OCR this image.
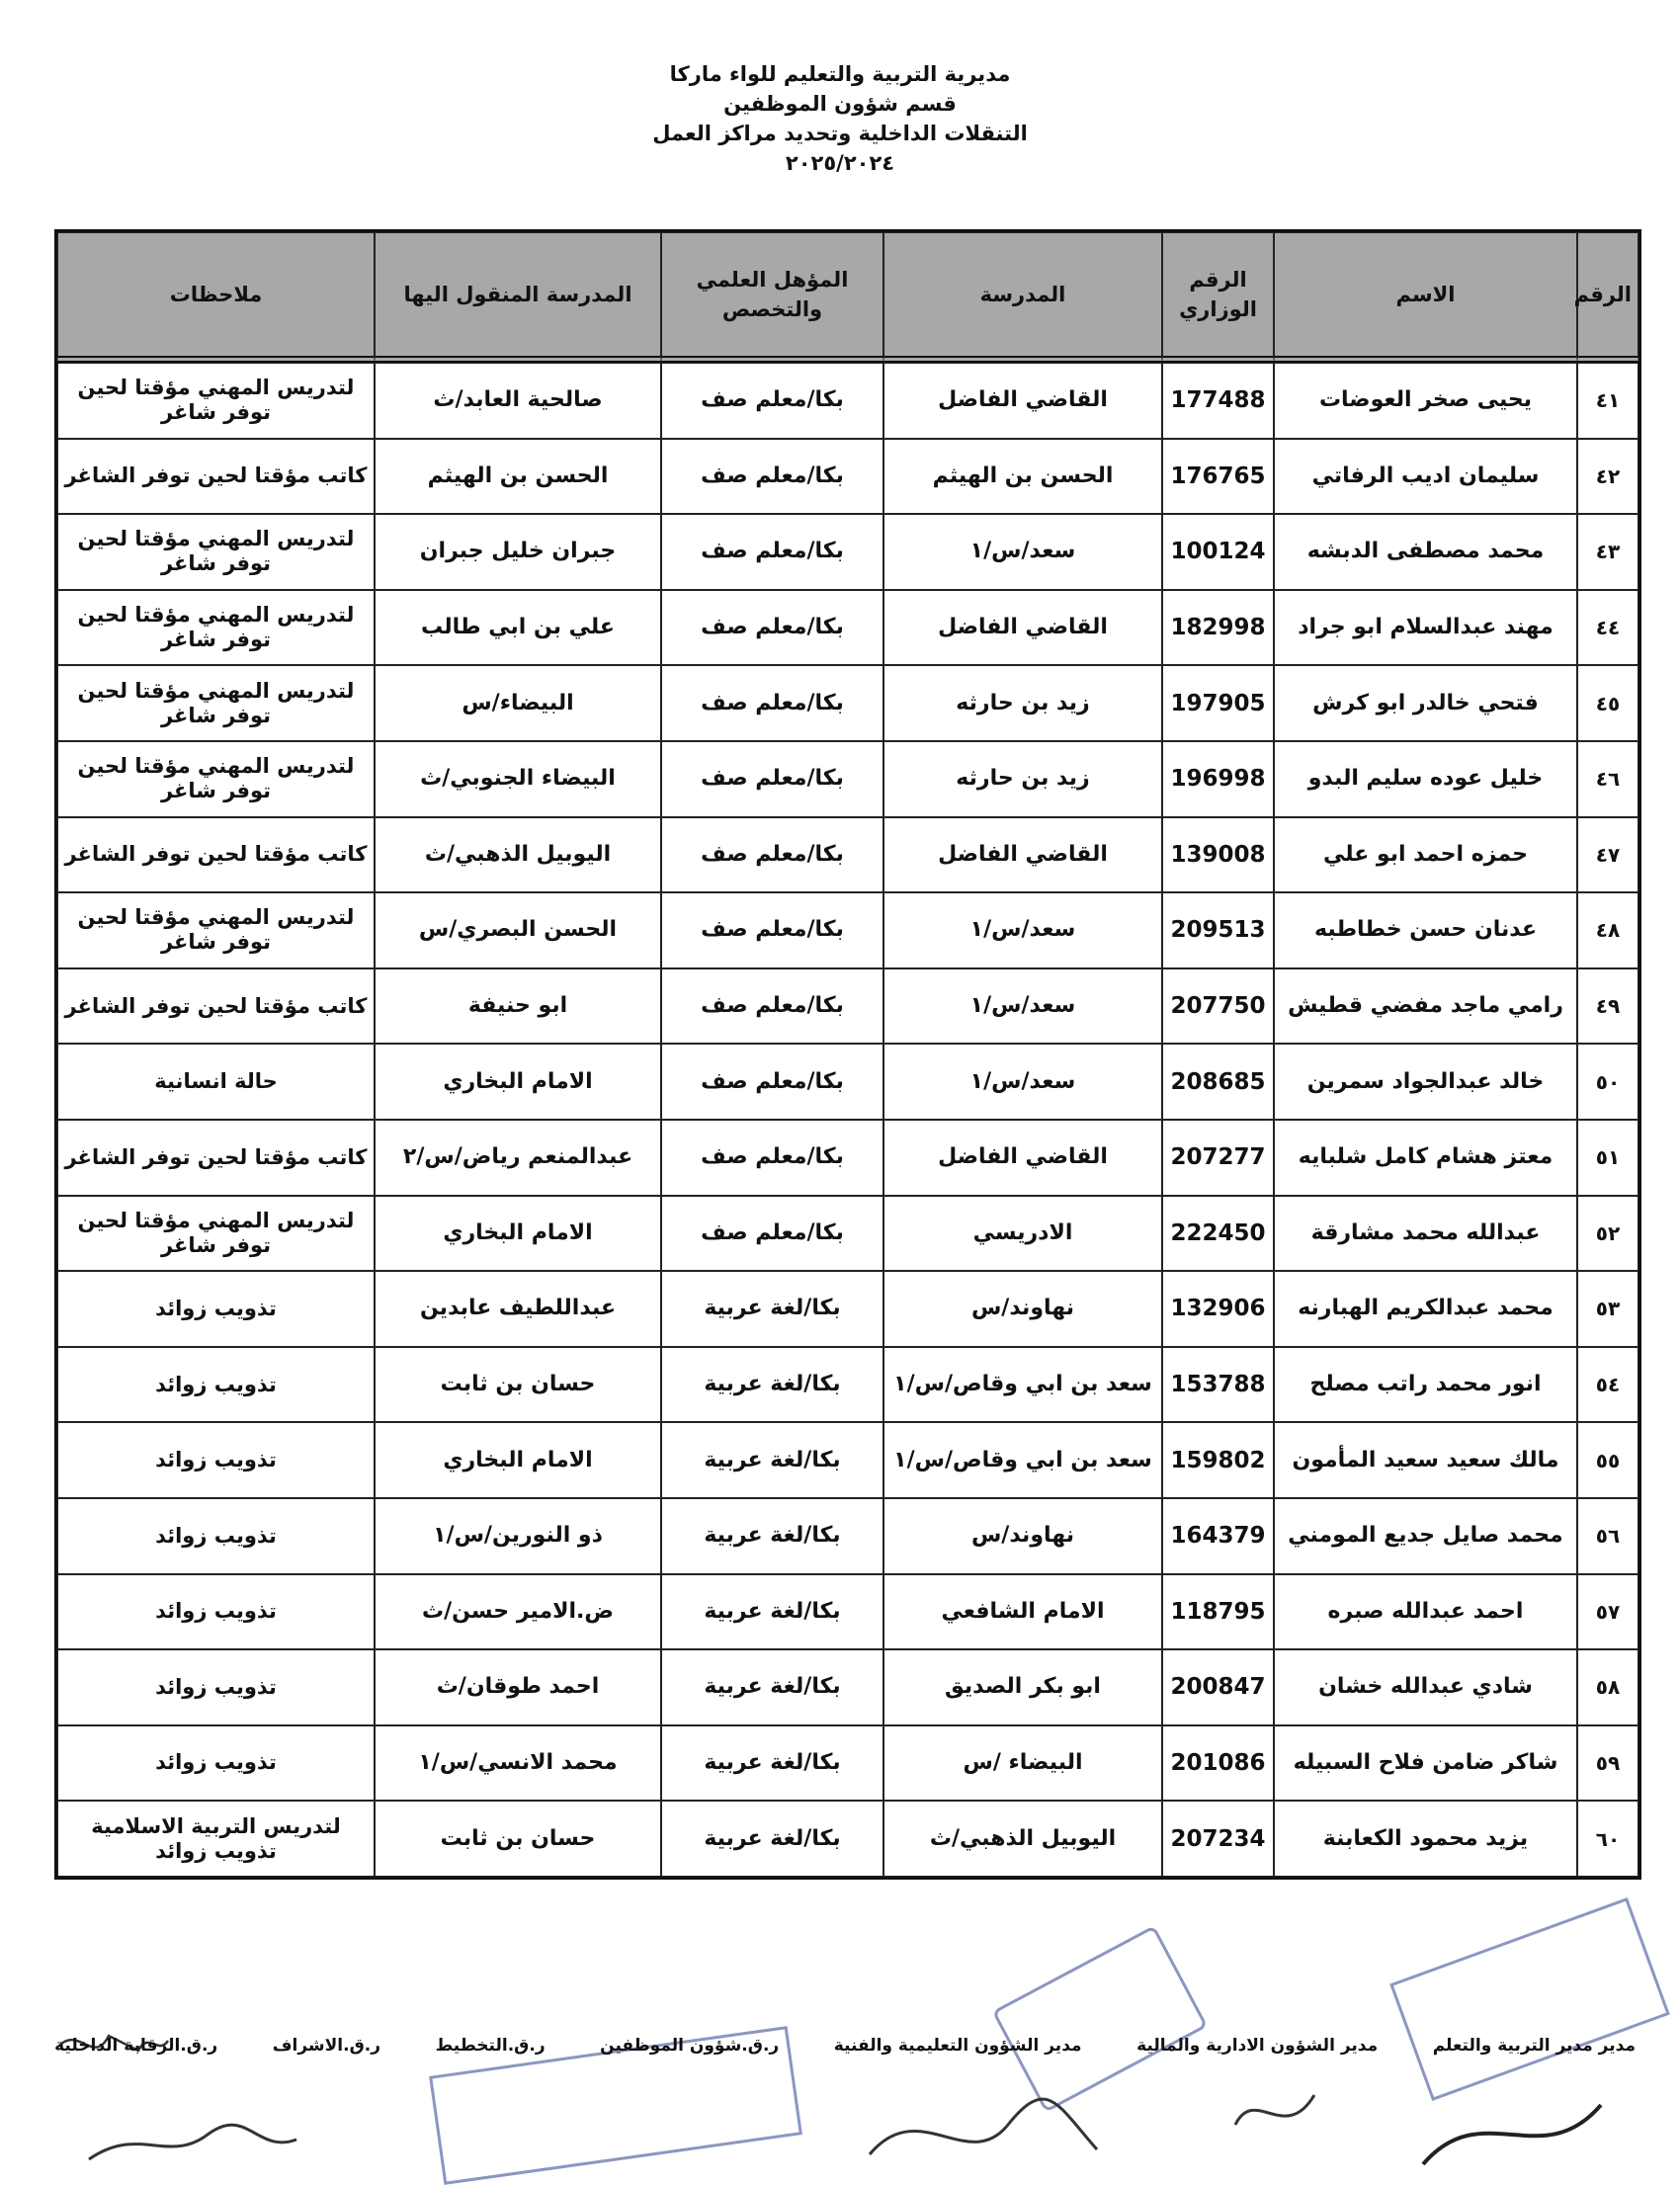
مديرية التربية والتعليم للواء ماركا
قسم شؤون الموظفين
التنقلات الداخلية وتحديد مراكز العمل
٢٠٢٥/٢٠٢٤
الرقم	الاسم	الرقم الوزاري	المدرسة	المؤهل العلمي والتخصص	المدرسة المنقول اليها	ملاحظات
٤١	يحيى صخر العوضات	177488	القاضي الفاضل	بكا/معلم صف	صالحية العابد/ث	لتدريس المهني مؤقتا لحين توفر شاغر
٤٢	سليمان اديب الرفاتي	176765	الحسن بن الهيثم	بكا/معلم صف	الحسن بن الهيثم	كاتب مؤقتا لحين توفر الشاغر
٤٣	محمد مصطفى الدبشه	100124	سعد/س/١	بكا/معلم صف	جبران خليل جبران	لتدريس المهني مؤقتا لحين توفر شاغر
٤٤	مهند عبدالسلام ابو جراد	182998	القاضي الفاضل	بكا/معلم صف	علي بن ابي طالب	لتدريس المهني مؤقتا لحين توفر شاغر
٤٥	فتحي خالدر ابو كرش	197905	زيد بن حارثه	بكا/معلم صف	البيضاء/س	لتدريس المهني مؤقتا لحين توفر شاغر
٤٦	خليل عوده سليم البدو	196998	زيد بن حارثه	بكا/معلم صف	البيضاء الجنوبي/ث	لتدريس المهني مؤقتا لحين توفر شاغر
٤٧	حمزه احمد ابو علي	139008	القاضي الفاضل	بكا/معلم صف	اليوبيل الذهبي/ث	كاتب مؤقتا لحين توفر الشاغر
٤٨	عدنان حسن خطاطبه	209513	سعد/س/١	بكا/معلم صف	الحسن البصري/س	لتدريس المهني مؤقتا لحين توفر شاغر
٤٩	رامي ماجد مفضي قطيش	207750	سعد/س/١	بكا/معلم صف	ابو حنيفة	كاتب مؤقتا لحين توفر الشاغر
٥٠	خالد عبدالجواد سمرين	208685	سعد/س/١	بكا/معلم صف	الامام البخاري	حالة انسانية
٥١	معتز هشام كامل شلبايه	207277	القاضي الفاضل	بكا/معلم صف	عبدالمنعم رياض/س/٢	كاتب مؤقتا لحين توفر الشاغر
٥٢	عبدالله محمد مشارقة	222450	الادريسي	بكا/معلم صف	الامام البخاري	لتدريس المهني مؤقتا لحين توفر شاغر
٥٣	محمد عبدالكريم الهبارنه	132906	نهاوند/س	بكا/لغة عربية	عبداللطيف عابدين	تذويب زوائد
٥٤	انور محمد راتب مصلح	153788	سعد بن ابي وقاص/س/١	بكا/لغة عربية	حسان بن ثابت	تذويب زوائد
٥٥	مالك سعيد سعيد المأمون	159802	سعد بن ابي وقاص/س/١	بكا/لغة عربية	الامام البخاري	تذويب زوائد
٥٦	محمد صايل جديع المومني	164379	نهاوند/س	بكا/لغة عربية	ذو النورين/س/١	تذويب زوائد
٥٧	احمد عبدالله صبره	118795	الامام الشافعي	بكا/لغة عربية	ض.الامير حسن/ث	تذويب زوائد
٥٨	شادي عبدالله خشان	200847	ابو بكر الصديق	بكا/لغة عربية	احمد طوقان/ث	تذويب زوائد
٥٩	شاكر ضامن فلاح السبيله	201086	البيضاء /س	بكا/لغة عربية	محمد الانسي/س/١	تذويب زوائد
٦٠	يزيد محمود الكعابنة	207234	اليوبيل الذهبي/ث	بكا/لغة عربية	حسان بن ثابت	لتدريس التربية الاسلامية تذويب زوائد
مدير مدير التربية والتعلم
مدير الشؤون الادارية والمالية
مدير الشؤون التعليمية والفنية
ر.ق.شؤون الموظفين
ر.ق.التخطيط
ر.ق.الاشراف
ر.ق.الرقابة الداخلية
